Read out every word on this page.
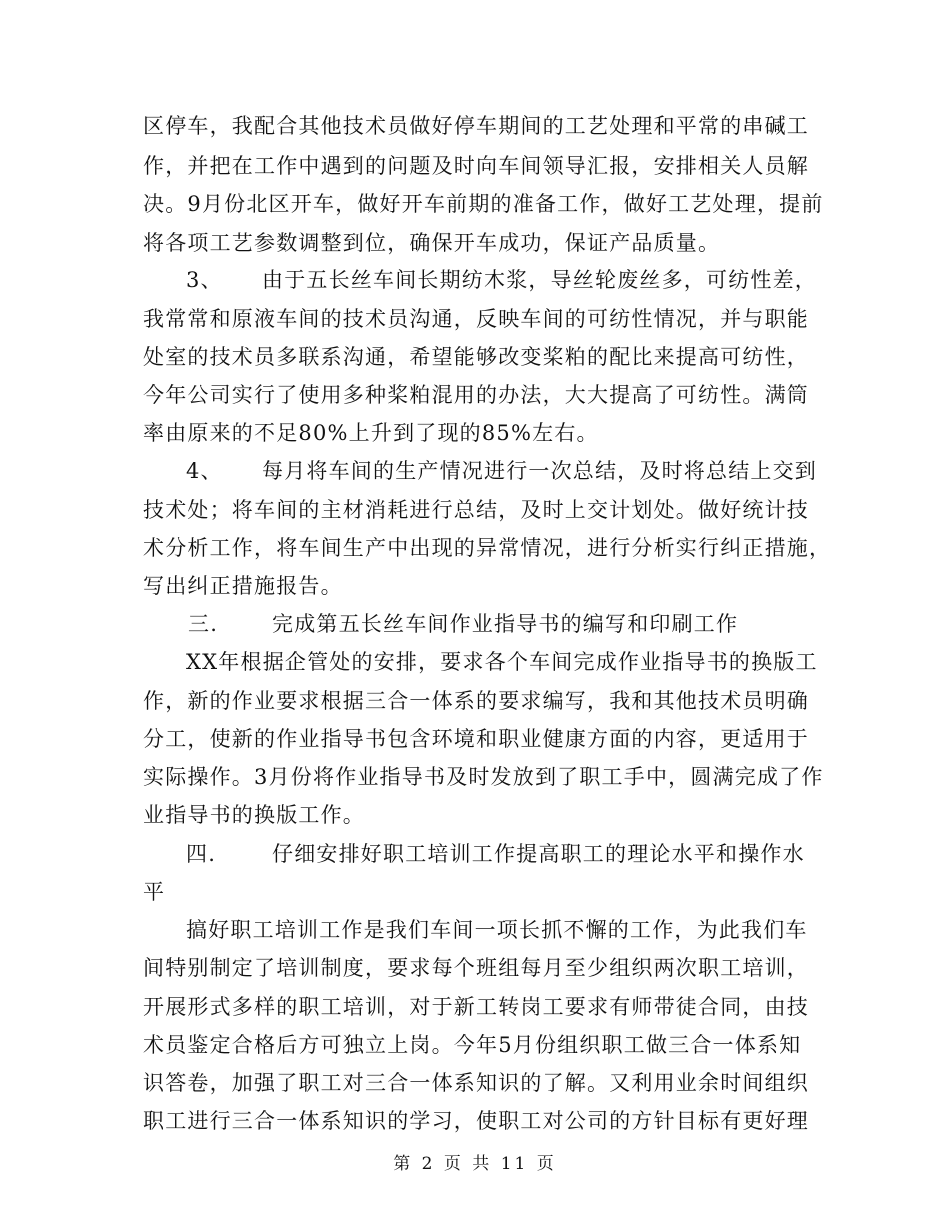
区停车，我配合其他技术员做好停车期间的工艺处理和平常的串碱工
作，并把在工作中遇到的问题及时向车间领导汇报，安排相关人员解
决。9月份北区开车，做好开车前期的准备工作，做好工艺处理，提前
将各项工艺参数调整到位，确保开车成功，保证产品质量。
3、 由于五长丝车间长期纺木浆，导丝轮废丝多，可纺性差，
我常常和原液车间的技术员沟通，反映车间的可纺性情况，并与职能
处室的技术员多联系沟通，希望能够改变桨粕的配比来提高可纺性，
今年公司实行了使用多种桨粕混用的办法，大大提高了可纺性。满筒
率由原来的不足80%上升到了现的85%左右。
4、 每月将车间的生产情况进行一次总结，及时将总结上交到
技术处；将车间的主材消耗进行总结，及时上交计划处。做好统计技
术分析工作，将车间生产中出现的异常情况，进行分析实行纠正措施，
写出纠正措施报告。
三.	完成第五长丝车间作业指导书的编写和印刷工作
XX年根据企管处的安排，要求各个车间完成作业指导书的换版工
作，新的作业要求根据三合一体系的要求编写，我和其他技术员明确
分工，使新的作业指导书包含环境和职业健康方面的内容，更适用于
实际操作。3月份将作业指导书及时发放到了职工手中，圆满完成了作
业指导书的换版工作。
四.	仔细安排好职工培训工作提高职工的理论水平和操作水
平
搞好职工培训工作是我们车间一项长抓不懈的工作，为此我们车
间特别制定了培训制度，要求每个班组每月至少组织两次职工培训，
开展形式多样的职工培训，对于新工转岗工要求有师带徒合同，由技
术员鉴定合格后方可独立上岗。今年5月份组织职工做三合一体系知
识答卷，加强了职工对三合一体系知识的了解。又利用业余时间组织
职工进行三合一体系知识的学习，使职工对公司的方针目标有更好理
第 2 页 共 11 页
